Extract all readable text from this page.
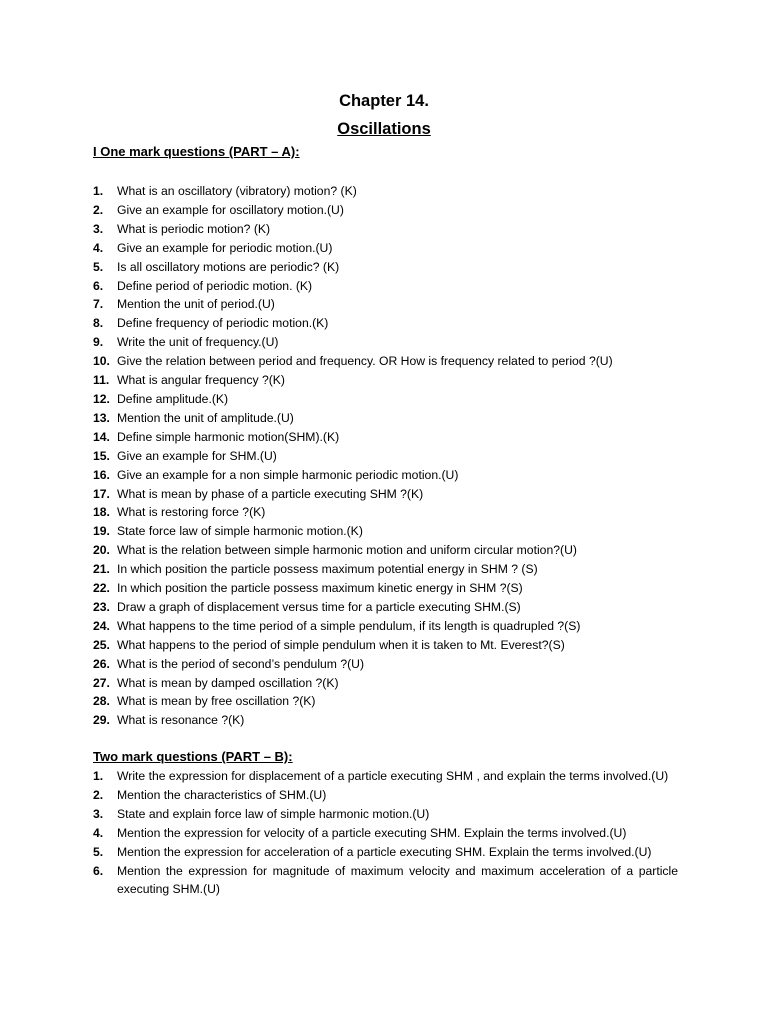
Chapter 14.
Oscillations
I One mark questions (PART – A):
1. What is an oscillatory (vibratory) motion? (K)
2. Give an example for oscillatory motion.(U)
3. What is periodic motion? (K)
4. Give an example for periodic motion.(U)
5. Is all oscillatory motions are periodic? (K)
6. Define period of periodic motion. (K)
7. Mention the unit of period.(U)
8. Define frequency of periodic motion.(K)
9. Write the unit of frequency.(U)
10. Give the relation between period and frequency. OR How is frequency related to period ?(U)
11. What is angular frequency ?(K)
12. Define amplitude.(K)
13. Mention the unit of amplitude.(U)
14. Define simple harmonic motion(SHM).(K)
15. Give an example for SHM.(U)
16. Give an example for a non simple harmonic periodic motion.(U)
17. What is mean by phase of a particle executing SHM ?(K)
18. What is restoring force ?(K)
19. State force law of simple harmonic motion.(K)
20. What is the relation between simple harmonic motion and uniform circular motion?(U)
21. In which position the particle possess maximum potential energy in SHM ? (S)
22. In which position the particle possess maximum kinetic energy in SHM ?(S)
23. Draw a graph of displacement versus time for a particle executing SHM.(S)
24. What happens to the time period of a simple pendulum, if its length is quadrupled ?(S)
25. What happens to the period of simple pendulum when it is taken to Mt. Everest?(S)
26. What is the period of second’s pendulum ?(U)
27. What is mean by damped oscillation ?(K)
28. What is mean by free oscillation ?(K)
29. What is resonance ?(K)
Two mark questions (PART – B):
1. Write the expression for displacement of a particle executing SHM , and explain the terms involved.(U)
2. Mention the characteristics of SHM.(U)
3. State and explain force law of simple harmonic motion.(U)
4. Mention the expression for velocity of a particle executing SHM. Explain the terms involved.(U)
5. Mention the expression for acceleration of a particle executing SHM. Explain the terms involved.(U)
6. Mention the expression for magnitude of maximum velocity and maximum acceleration of a particle executing SHM.(U)
